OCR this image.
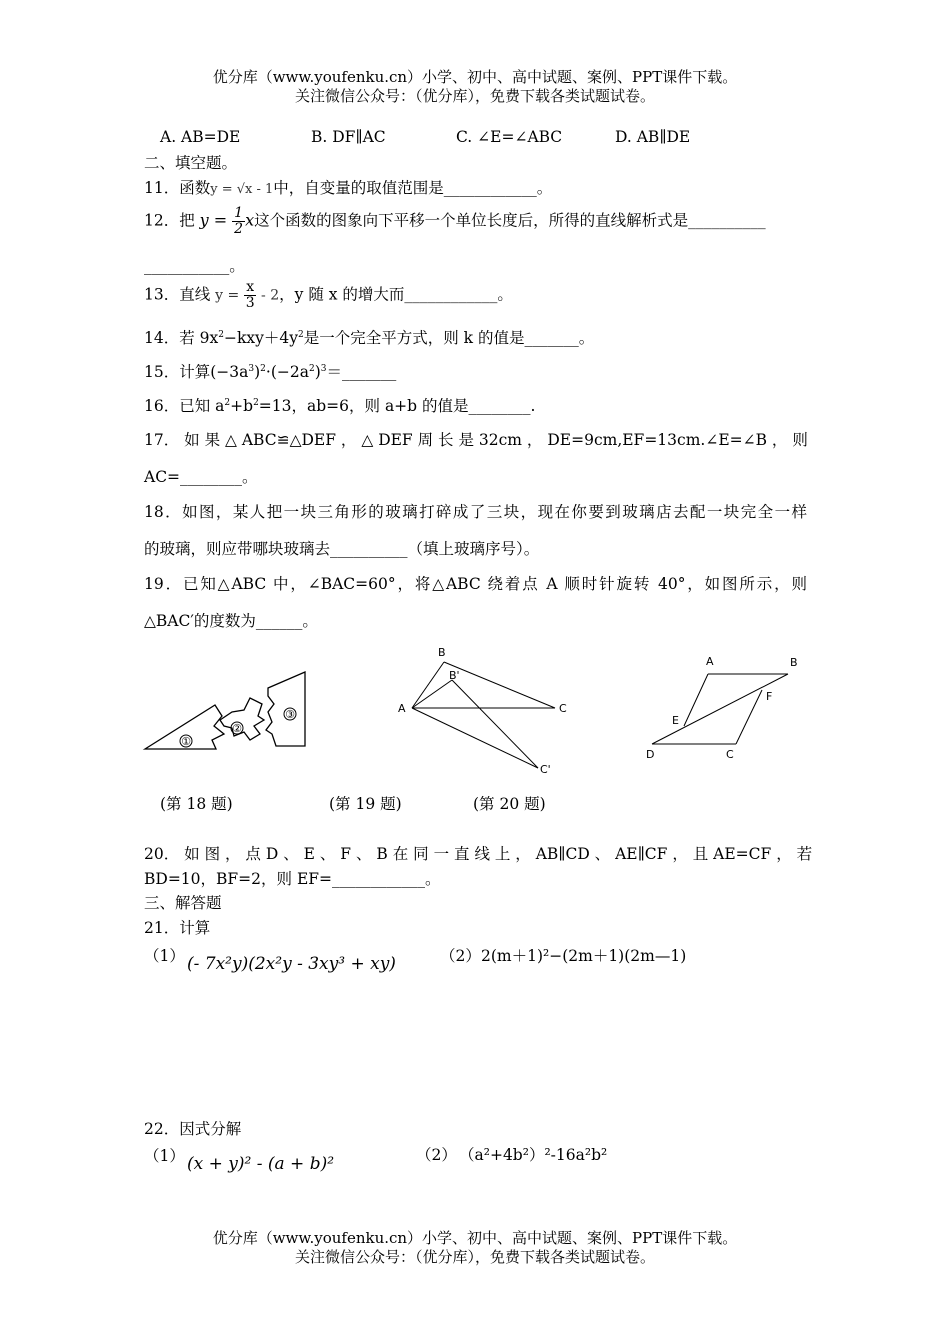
优分库（www.youfenku.cn）小学、初中、高中试题、案例、PPT课件下载。
关注微信公众号：（优分库），免费下载各类试题试卷。
A. AB=DE	B. DF∥AC	C. ∠E=∠ABC	D. AB∥DE
二、填空题。
11．函数y = √x - 1中，自变量的取值范围是____________。
12．把 $y = \frac{1}{2}$ x这个函数的图象向下平移一个单位长度后，所得的直线解析式是__________
___________。
13．直线 $y = \frac{x}{3} - 2$，y 随 x 的增大而____________。
14．若 $9x^2-kxy+4y^2$是一个完全平方式，则 k 的值是_______。
15．计算$(-3a^3)^2\cdot(-2a^2)^3=\_\_\_\_\_\_\_$
16．已知 $a^2+b^2=13$，ab=6，则 a+b 的值是________.
17． 如 果 △ ABC≌△DEF ， △ DEF 周 长 是 32cm ， DE=9cm,EF=13cm.∠E=∠B ， 则
AC=________。
18．如图，某人把一块三角形的玻璃打碎成了三块，现在你要到玻璃店去配一块完全一样
的玻璃，则应带哪块玻璃去__________（填上玻璃序号）。
19．已知△ABC 中，∠BAC=60°，将△ABC 绕着点 A 顺时针旋转 40°，如图所示，则
△BAC′的度数为______。
①
②
③
B
B'
A	C
C'
A	B
F
E
D	C
(第 18 题)	(第 19 题)	(第 20 题)
20． 如 图 ， 点 D 、 E 、 F 、 B 在 同 一 直 线 上 ， AB∥CD 、 AE∥CF ， 且 AE=CF ， 若
BD=10，BF=2，则 EF=____________。
三、解答题
21．计算
（1） (- 7x²y)(2x²y - 3xy³ + xy)	（2） 2(m＋1)²−(2m＋1)(2m—1)
22．因式分解
（1） (x + y)² - (a + b)²	（2） （a²+4b²）²-16a²b²
优分库（www.youfenku.cn）小学、初中、高中试题、案例、PPT课件下载。
关注微信公众号：（优分库），免费下载各类试题试卷。
